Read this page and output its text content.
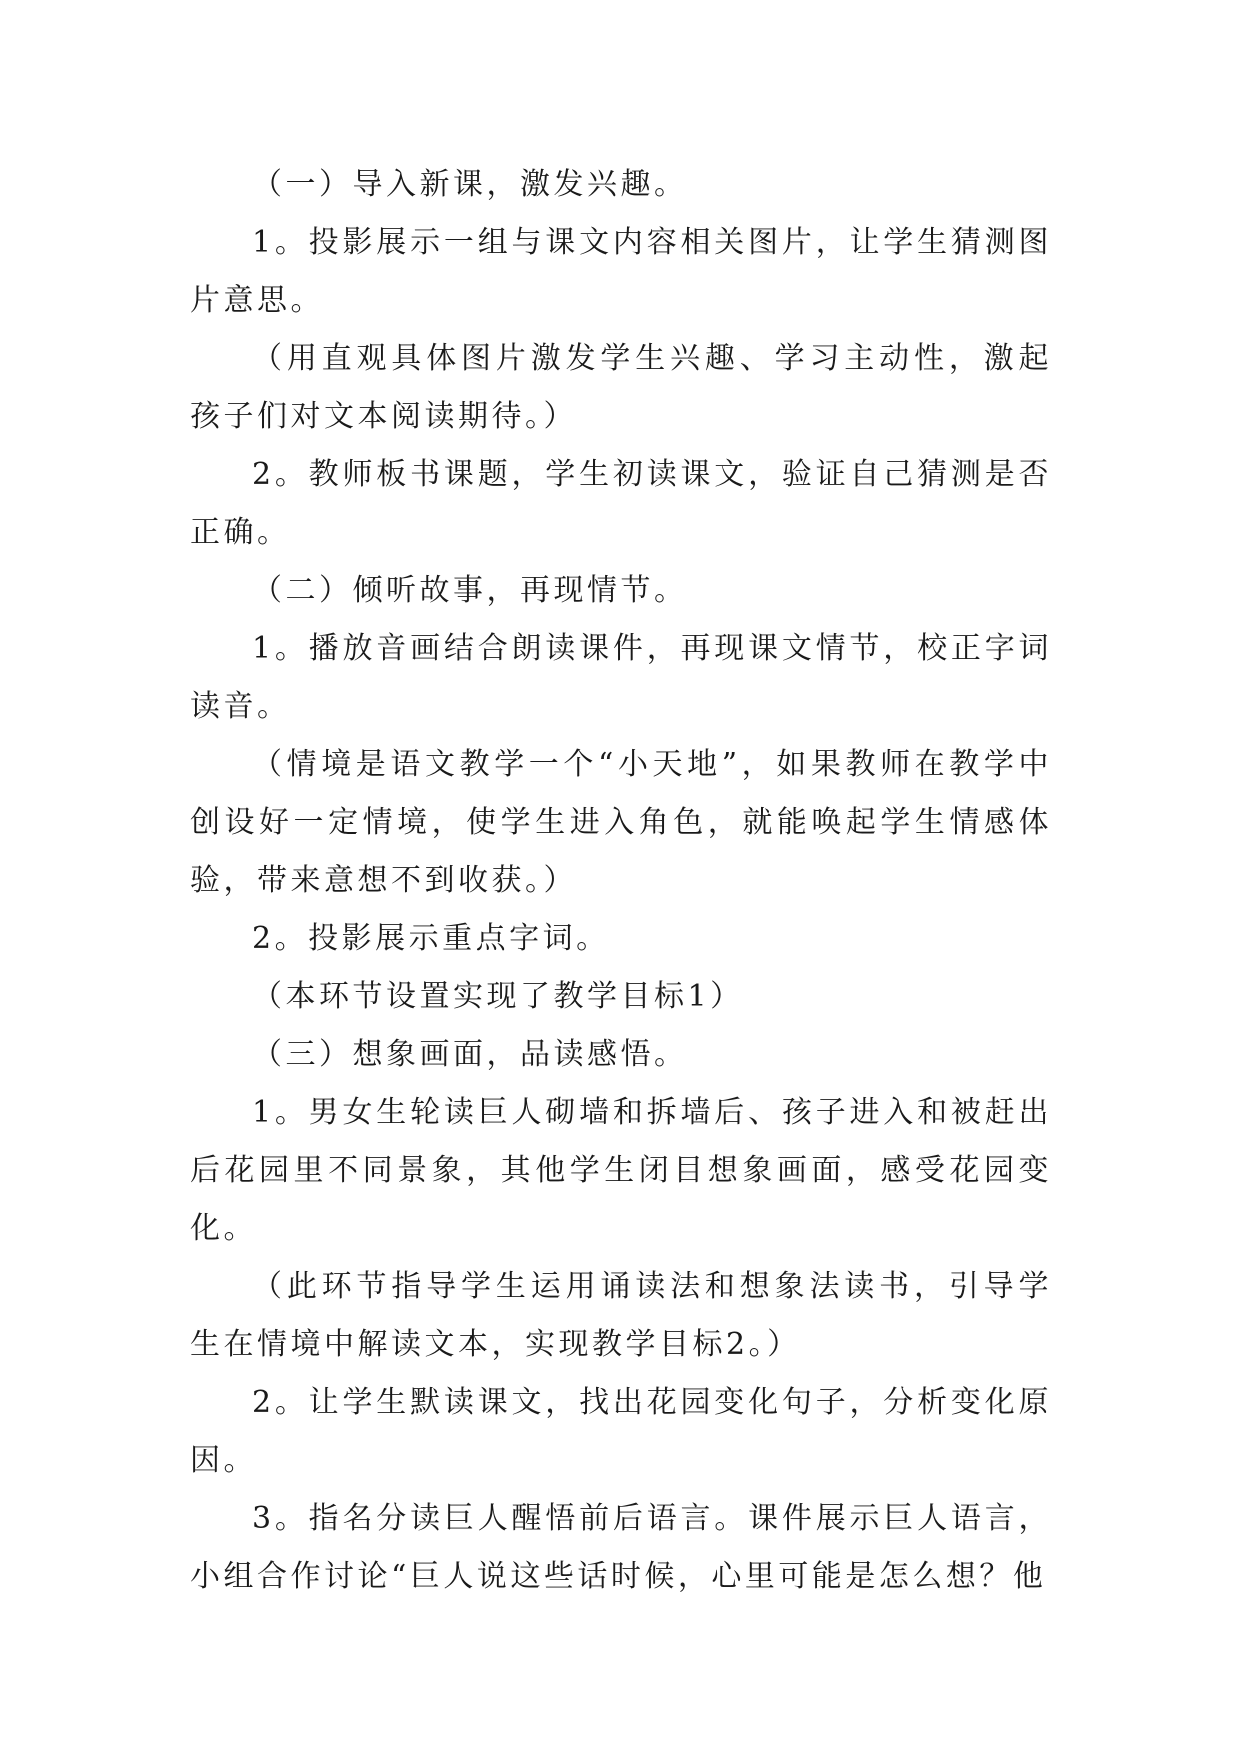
（一）导入新课，激发兴趣。

1。投影展示一组与课文内容相关图片，让学生猜测图片意思。

（用直观具体图片激发学生兴趣、学习主动性，激起孩子们对文本阅读期待。）

2。教师板书课题，学生初读课文，验证自己猜测是否正确。

（二）倾听故事，再现情节。

1。播放音画结合朗读课件，再现课文情节，校正字词读音。

（情境是语文教学一个“小天地”，如果教师在教学中创设好一定情境，使学生进入角色，就能唤起学生情感体验，带来意想不到收获。）

2。投影展示重点字词。

（本环节设置实现了教学目标1）

（三）想象画面，品读感悟。

1。男女生轮读巨人砌墙和拆墙后、孩子进入和被赶出后花园里不同景象，其他学生闭目想象画面，感受花园变化。

（此环节指导学生运用诵读法和想象法读书，引导学生在情境中解读文本，实现教学目标2。）

2。让学生默读课文，找出花园变化句子，分析变化原因。

3。指名分读巨人醒悟前后语言。课件展示巨人语言，小组合作讨论“巨人说这些话时候，心里可能是怎么想？他
